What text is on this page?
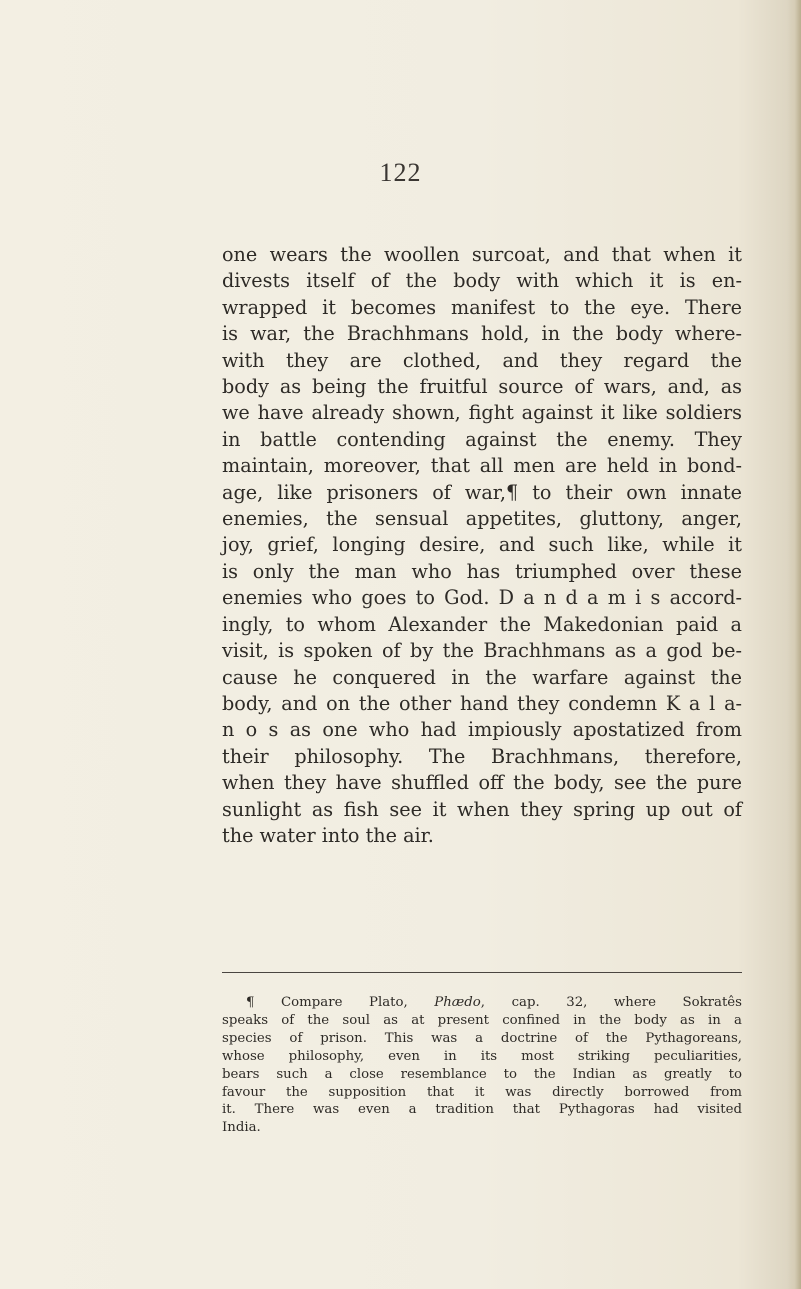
122
one wears the woollen surcoat, and that when it
divests itself of the body with which it is en-
wrapped it becomes manifest to the eye. There
is war, the Brachhmans hold, in the body where-
with they are clothed, and they regard the
body as being the fruitful source of wars, and, as
we have already shown, fight against it like soldiers
in battle contending against the enemy. They
maintain, moreover, that all men are held in bond-
age, like prisoners of war,¶ to their own innate
enemies, the sensual appetites, gluttony, anger,
joy, grief, longing desire, and such like, while it
is only the man who has triumphed over these
enemies who goes to God. D a n d a m i s accord-
ingly, to whom Alexander the Makedonian paid a
visit, is spoken of by the Brachhmans as a god be-
cause he conquered in the warfare against the
body, and on the other hand they condemn K a l a-
n o s as one who had impiously apostatized from
their philosophy. The Brachhmans, therefore,
when they have shuffled off the body, see the pure
sunlight as fish see it when they spring up out of
the water into the air.
¶ Compare Plato, Phædo, cap. 32, where Sokratês
speaks of the soul as at present confined in the body as in a
species of prison. This was a doctrine of the Pythagoreans,
whose philosophy, even in its most striking peculiarities,
bears such a close resemblance to the Indian as greatly to
favour the supposition that it was directly borrowed from
it. There was even a tradition that Pythagoras had visited
India.
